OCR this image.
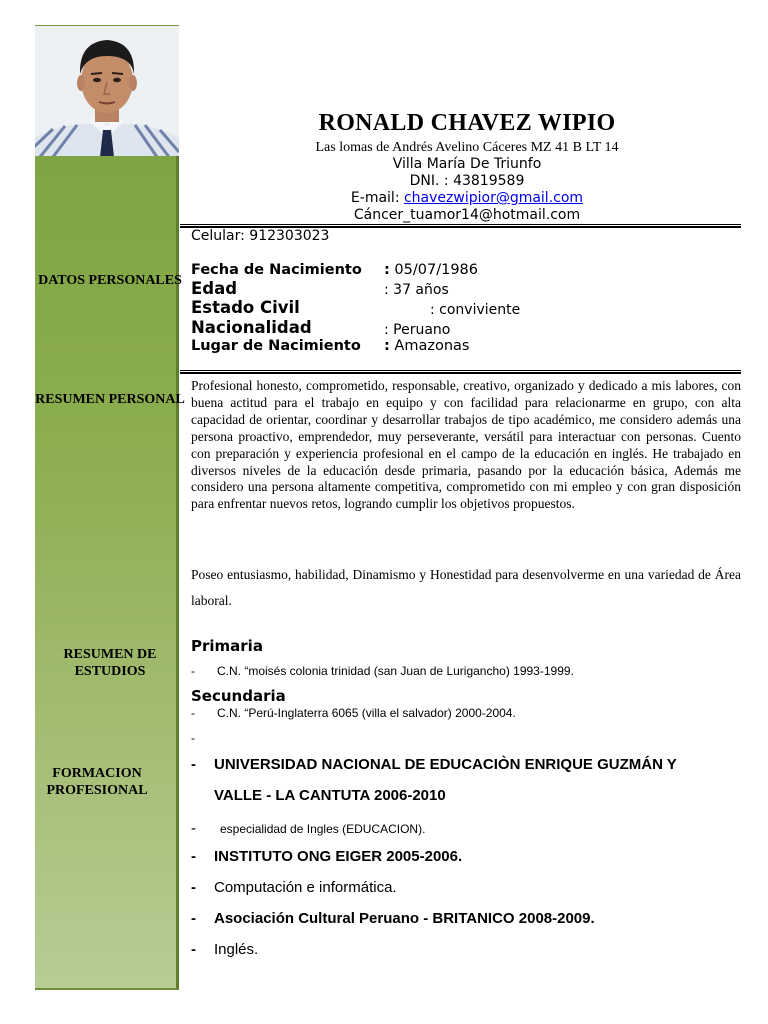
DATOS PERSONALES
RESUMEN PERSONAL
RESUMEN DE ESTUDIOS
FORMACION PROFESIONAL
RONALD CHAVEZ WIPIO
Las lomas de Andrés Avelino Cáceres MZ 41 B LT 14
Villa María De Triunfo
DNI. : 43819589
E-mail: chavezwipior@gmail.com
Cáncer_tuamor14@hotmail.com
Celular: 912303023
Fecha de Nacimiento : 05/07/1986
Edad	: 37 años
Estado Civil	: conviviente
Nacionalidad	: Peruano
Lugar de Nacimiento : Amazonas
Profesional honesto, comprometido, responsable, creativo, organizado y dedicado a mis labores, con buena actitud para el trabajo en equipo y con facilidad para relacionarme en grupo, con alta capacidad de orientar, coordinar y desarrollar trabajos de tipo académico, me considero además una persona proactivo, emprendedor, muy perseverante, versátil para interactuar con personas. Cuento con preparación y experiencia profesional en el campo de la educación en inglés. He trabajado en diversos niveles de la educación desde primaria, pasando por la educación básica, Además me considero una persona altamente competitiva, comprometido con mi empleo y con gran disposición para enfrentar nuevos retos, logrando cumplir los objetivos propuestos.
Poseo entusiasmo, habilidad, Dinamismo y Honestidad para desenvolverme en una variedad de Área laboral.
Primaria
- C.N. “moisés colonia trinidad (san Juan de Lurigancho) 1993-1999.
Secundaria
- C.N. “Perú-Inglaterra 6065 (villa el salvador) 2000-2004.
-
- UNIVERSIDAD NACIONAL DE EDUCACIÒN ENRIQUE GUZMÁN Y
VALLE - LA CANTUTA 2006-2010
- especialidad de Ingles (EDUCACION).
- INSTITUTO ONG EIGER 2005-2006.
- Computación e informática.
- Asociación Cultural Peruano - BRITANICO 2008-2009.
- Inglés.
